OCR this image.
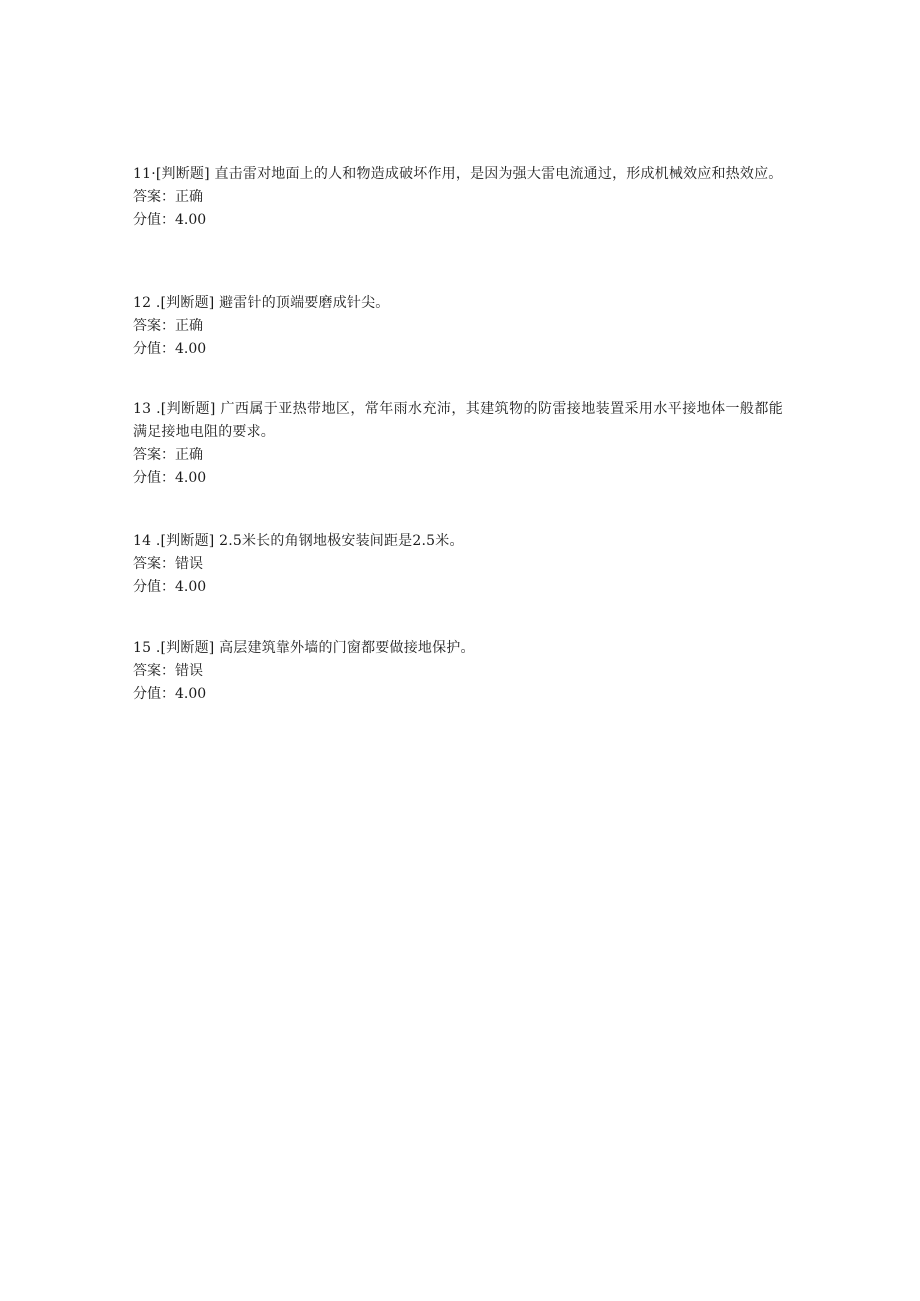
11·[判断题] 直击雷对地面上的人和物造成破坏作用，是因为强大雷电流通过，形成机械效应和热效应。

答案：正确

分值：4.00

12 .[判断题] 避雷针的顶端要磨成针尖。

答案：正确

分值：4.00

13 .[判断题] 广西属于亚热带地区，常年雨水充沛，其建筑物的防雷接地装置采用水平接地体一般都能满足接地电阻的要求。

答案：正确

分值：4.00

14 .[判断题] 2.5米长的角钢地极安装间距是2.5米。

答案：错误

分值：4.00

15 .[判断题] 高层建筑靠外墙的门窗都要做接地保护。

答案：错误

分值：4.00
